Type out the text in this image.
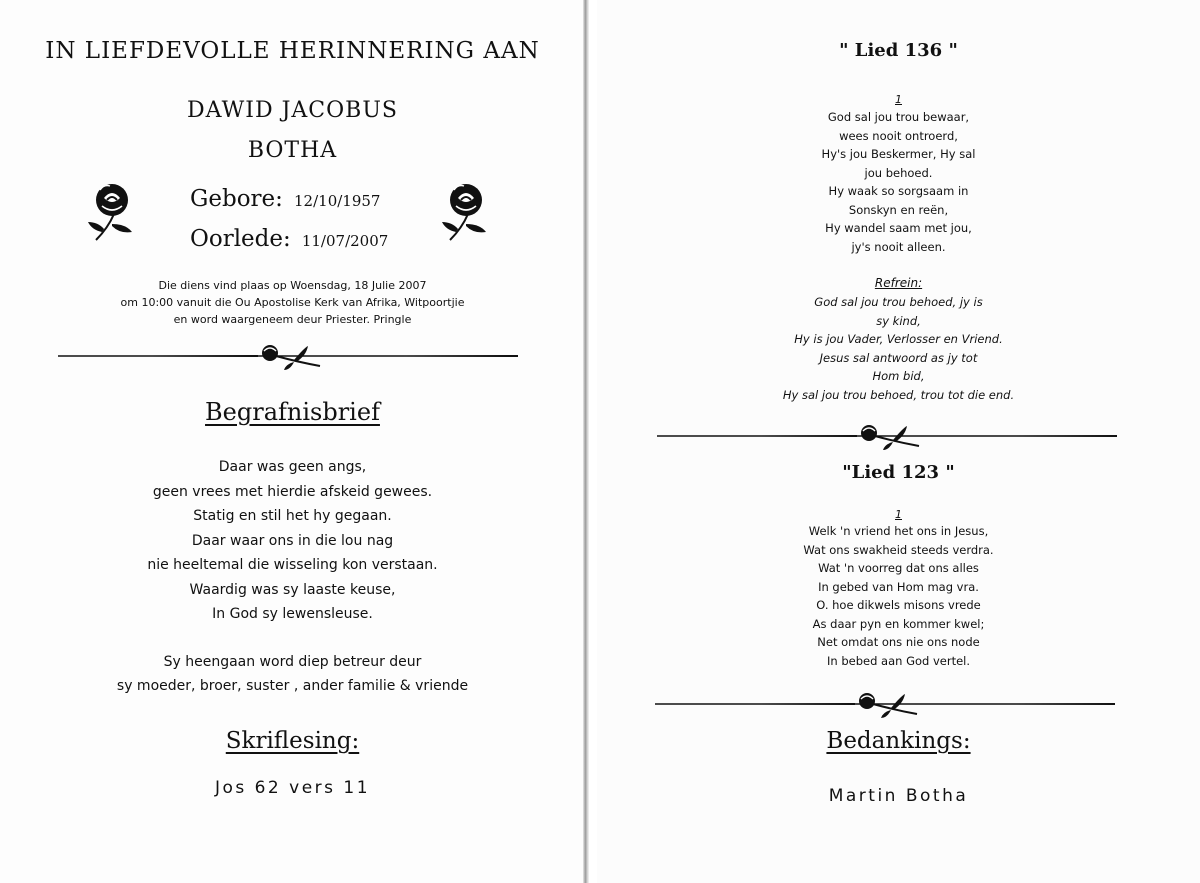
IN LIEFDEVOLLE HERINNERING AAN
DAWID JACOBUS
BOTHA
Gebore: 12/10/1957
Oorlede: 11/07/2007
Die diens vind plaas op Woensdag, 18 Julie 2007
om 10:00 vanuit die Ou Apostolise Kerk van Afrika, Witpoortjie
en word waargeneem deur Priester. Pringle
Begrafnisbrief
Daar was geen angs,
geen vrees met hierdie afskeid gewees.
Statig en stil het hy gegaan.
Daar waar ons in die lou nag
nie heeltemal die wisseling kon verstaan.
Waardig was sy laaste keuse,
In God sy lewensleuse.
Sy heengaan word diep betreur deur
sy moeder, broer, suster , ander familie & vriende
Skriflesing:
Jos 62 vers 11
" Lied 136 "
1
God sal jou trou bewaar,
wees nooit ontroerd,
Hy's jou Beskermer, Hy sal
jou behoed.
Hy waak so sorgsaam in
Sonskyn en reën,
Hy wandel saam met jou,
jy's nooit alleen.
Refrein:
God sal jou trou behoed, jy is
sy kind,
Hy is jou Vader, Verlosser en Vriend.
Jesus sal antwoord as jy tot
Hom bid,
Hy sal jou trou behoed, trou tot die end.
"Lied 123 "
1
Welk 'n vriend het ons in Jesus,
Wat ons swakheid steeds verdra.
Wat 'n voorreg dat ons alles
In gebed van Hom mag vra.
O. hoe dikwels misons vrede
As daar pyn en kommer kwel;
Net omdat ons nie ons node
In bebed aan God vertel.
Bedankings:
Martin Botha
